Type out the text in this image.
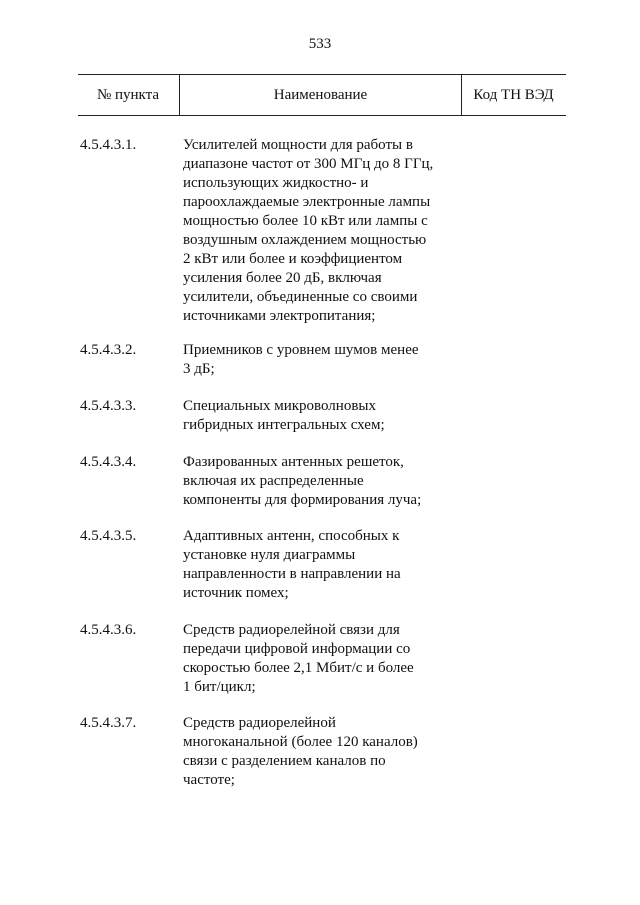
533
№ пункта	Наименование	Код ТН ВЭД
4.5.4.3.1.	Усилителей мощности для работы в
диапазоне частот от 300 МГц до 8 ГГц,
использующих жидкостно- и
пароохлаждаемые электронные лампы
мощностью более 10 кВт или лампы с
воздушным охлаждением мощностью
2 кВт или более и коэффициентом
усиления более 20 дБ, включая
усилители, объединенные со своими
источниками электропитания;
4.5.4.3.2.	Приемников с уровнем шумов менее
3 дБ;
4.5.4.3.3.	Специальных микроволновых
гибридных интегральных схем;
4.5.4.3.4.	Фазированных антенных решеток,
включая их распределенные
компоненты для формирования луча;
4.5.4.3.5.	Адаптивных антенн, способных к
установке нуля диаграммы
направленности в направлении на
источник помех;
4.5.4.3.6.	Средств радиорелейной связи для
передачи цифровой информации со
скоростью более 2,1 Мбит/с и более
1 бит/цикл;
4.5.4.3.7.	Средств радиорелейной
многоканальной (более 120 каналов)
связи с разделением каналов по
частоте;
